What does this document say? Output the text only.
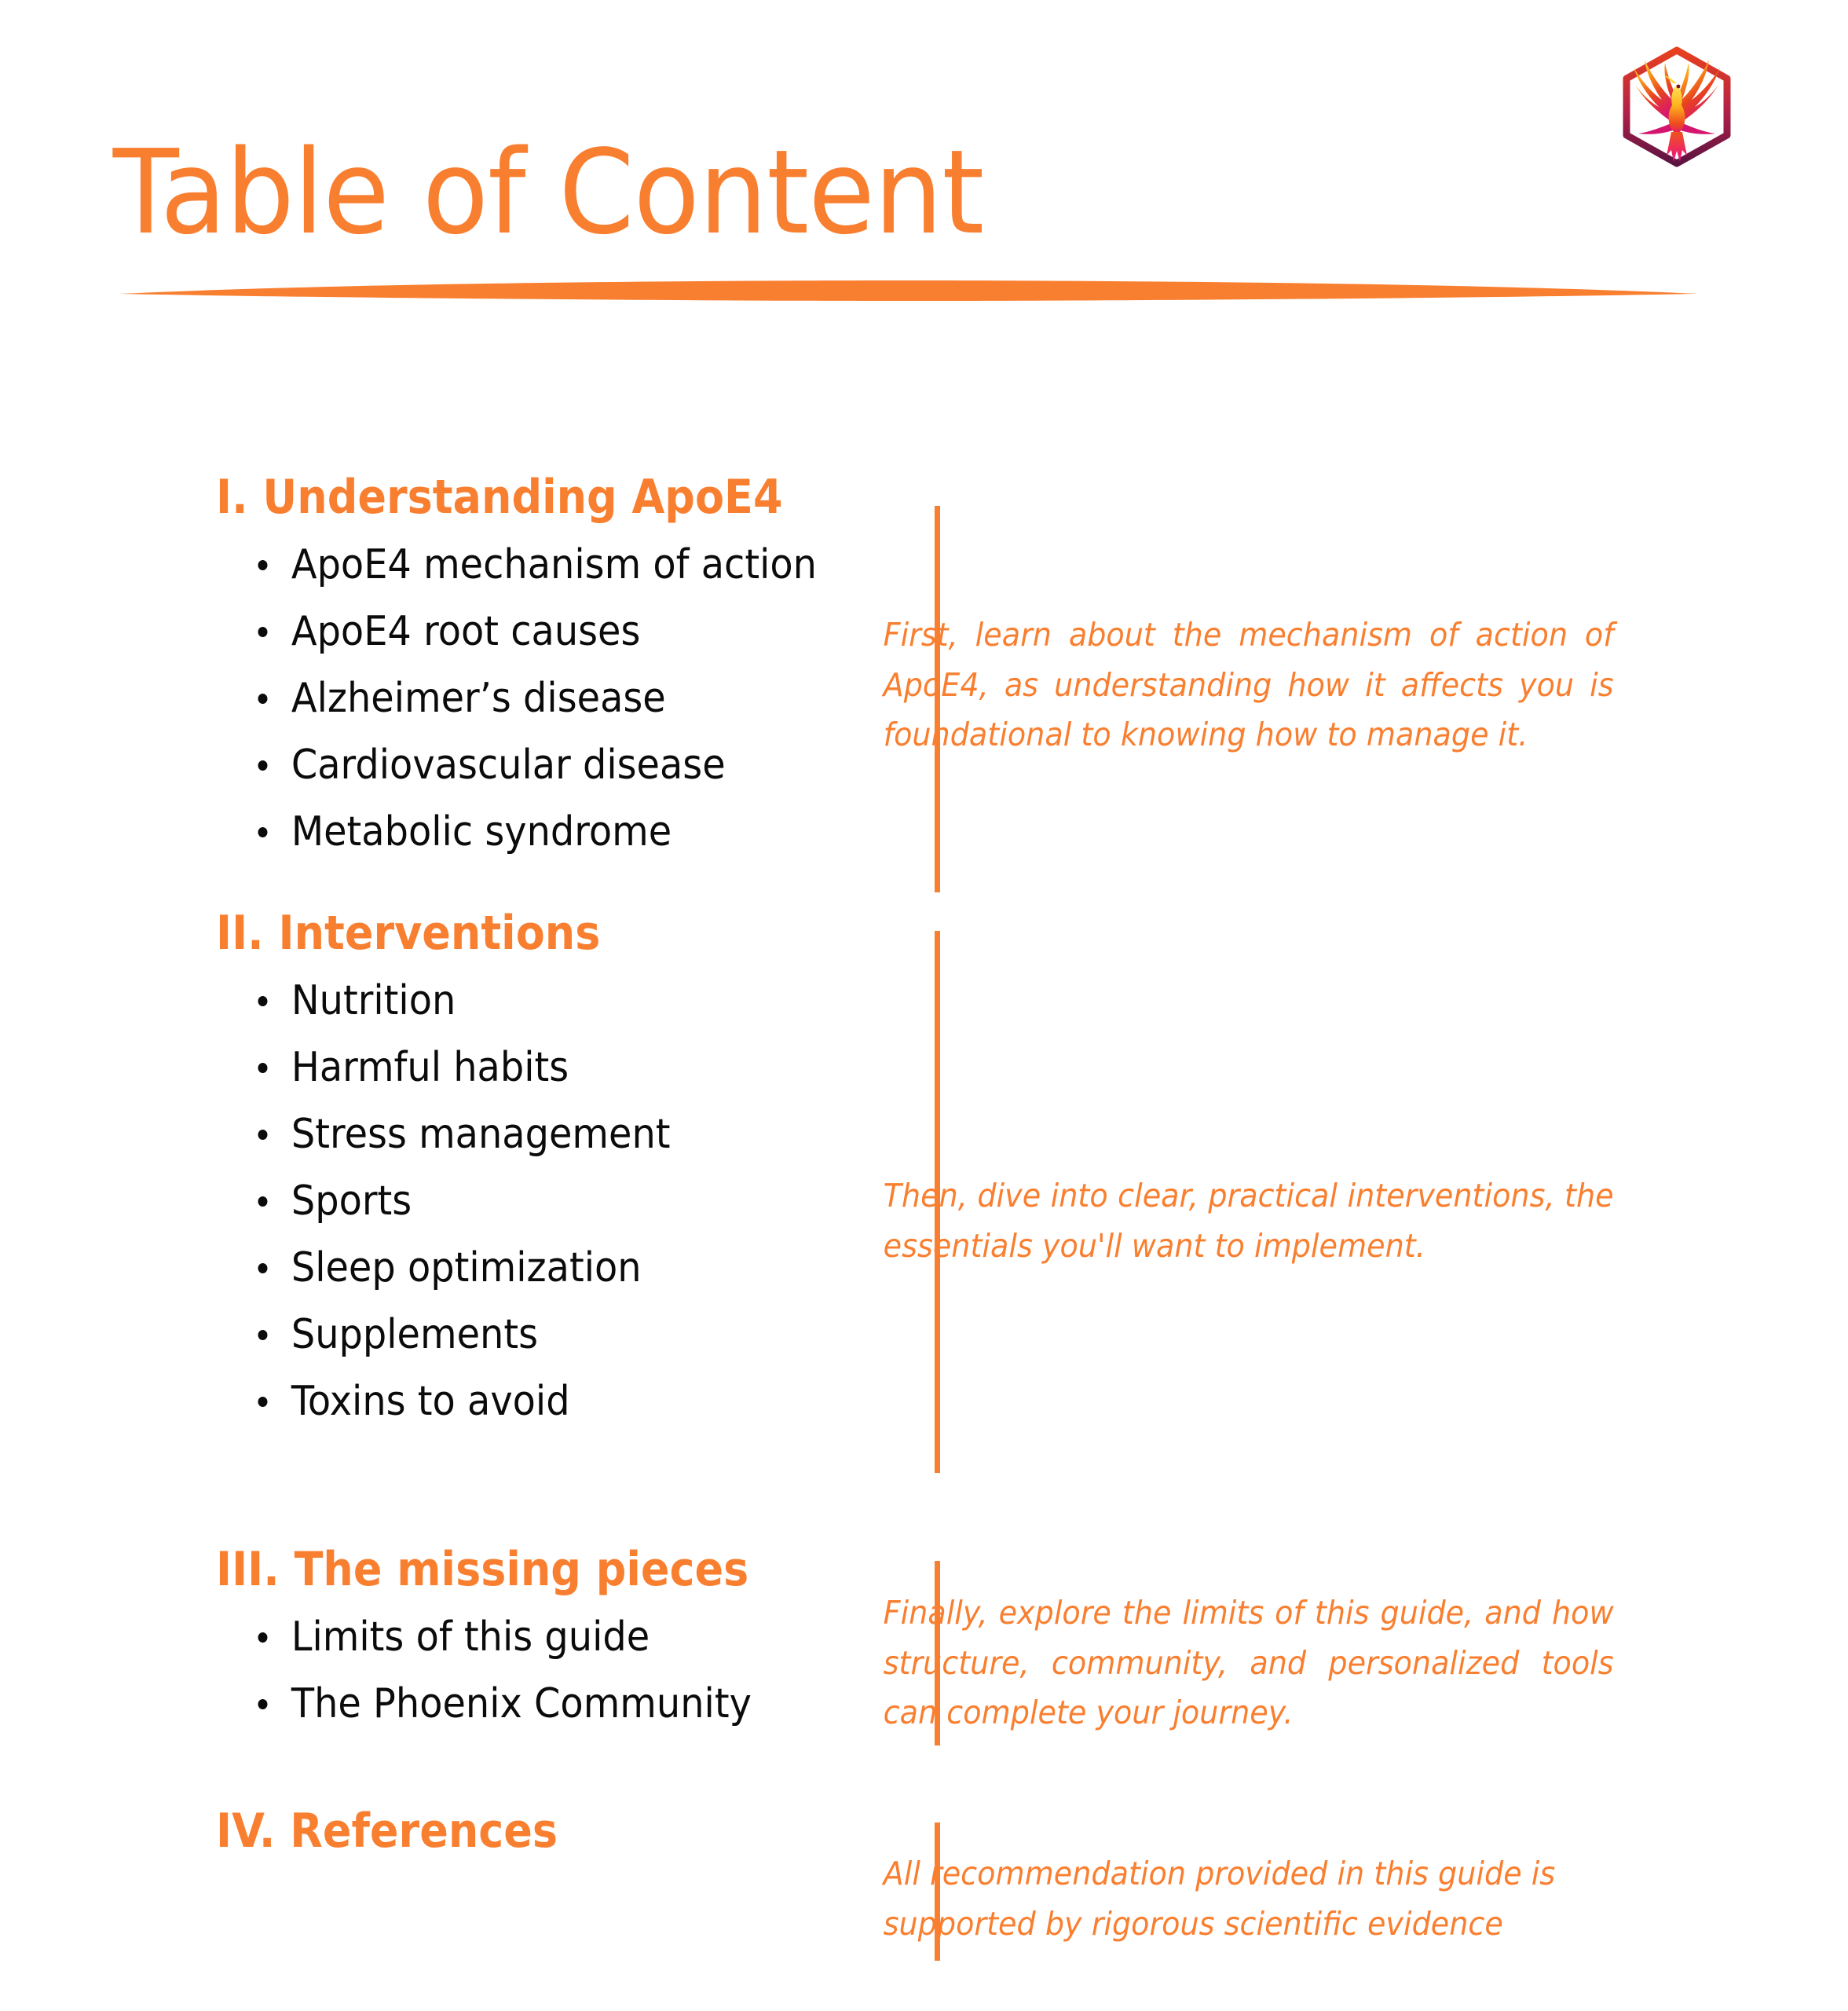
Table of Content
I. Understanding ApoE4
ApoE4 mechanism of action
ApoE4 root causes
Alzheimer’s disease
Cardiovascular disease
Metabolic syndrome

First, learn about the mechanism of action of ApoE4, as understanding how it affects you is foundational to knowing how to manage it.

II. Interventions
Nutrition
Harmful habits
Stress management
Sports
Sleep optimization
Supplements
Toxins to avoid

Then, dive into clear, practical interventions, the essentials you'll want to implement.

III. The missing pieces
Limits of this guide
The Phoenix Community

Finally, explore the limits of this guide, and how structure, community, and personalized tools can complete your journey.

IV. References

All recommendation provided in this guide is supported by rigorous scientific evidence
